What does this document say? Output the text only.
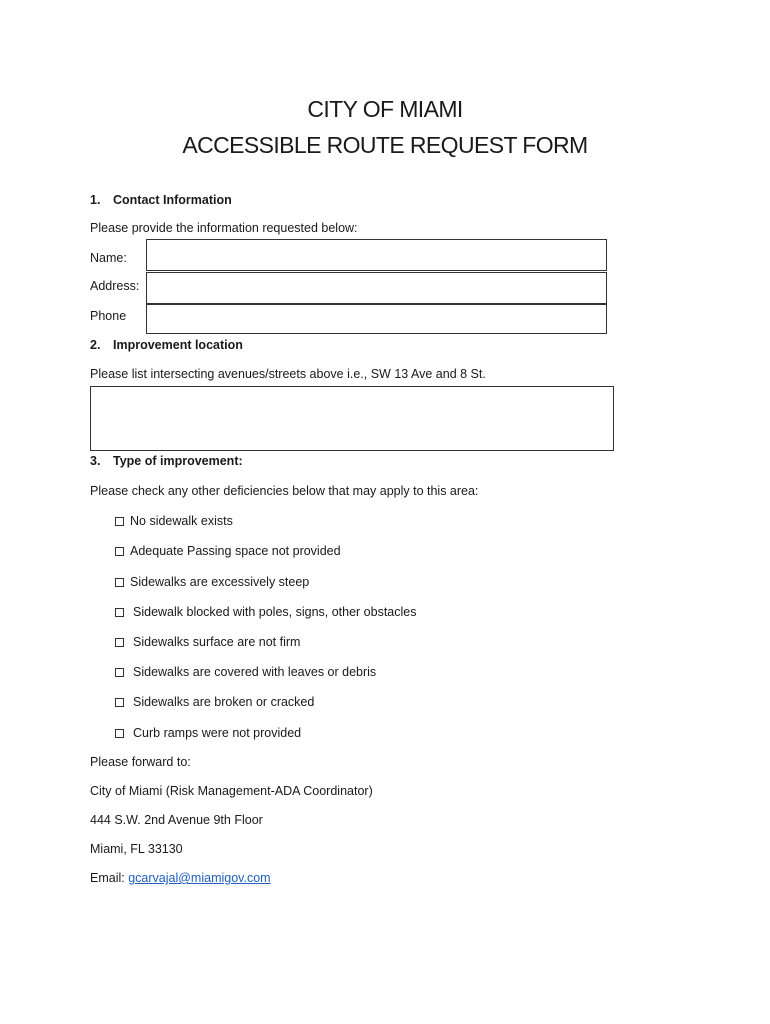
CITY OF MIAMI
ACCESSIBLE ROUTE REQUEST FORM
1. Contact Information
Please provide the information requested below:
Name:
Address:
Phone
2. Improvement location
Please list intersecting avenues/streets above i.e., SW 13 Ave and 8 St.
3. Type of improvement:
Please check any other deficiencies below that may apply to this area:
No sidewalk exists
Adequate Passing space not provided
Sidewalks are excessively steep
Sidewalk blocked with poles, signs, other obstacles
Sidewalks surface are not firm
Sidewalks are covered with leaves or debris
Sidewalks are broken or cracked
Curb ramps were not provided
Please forward to:
City of Miami (Risk Management-ADA Coordinator)
444 S.W. 2nd Avenue 9th Floor
Miami, FL 33130
Email: gcarvajal@miamigov.com
